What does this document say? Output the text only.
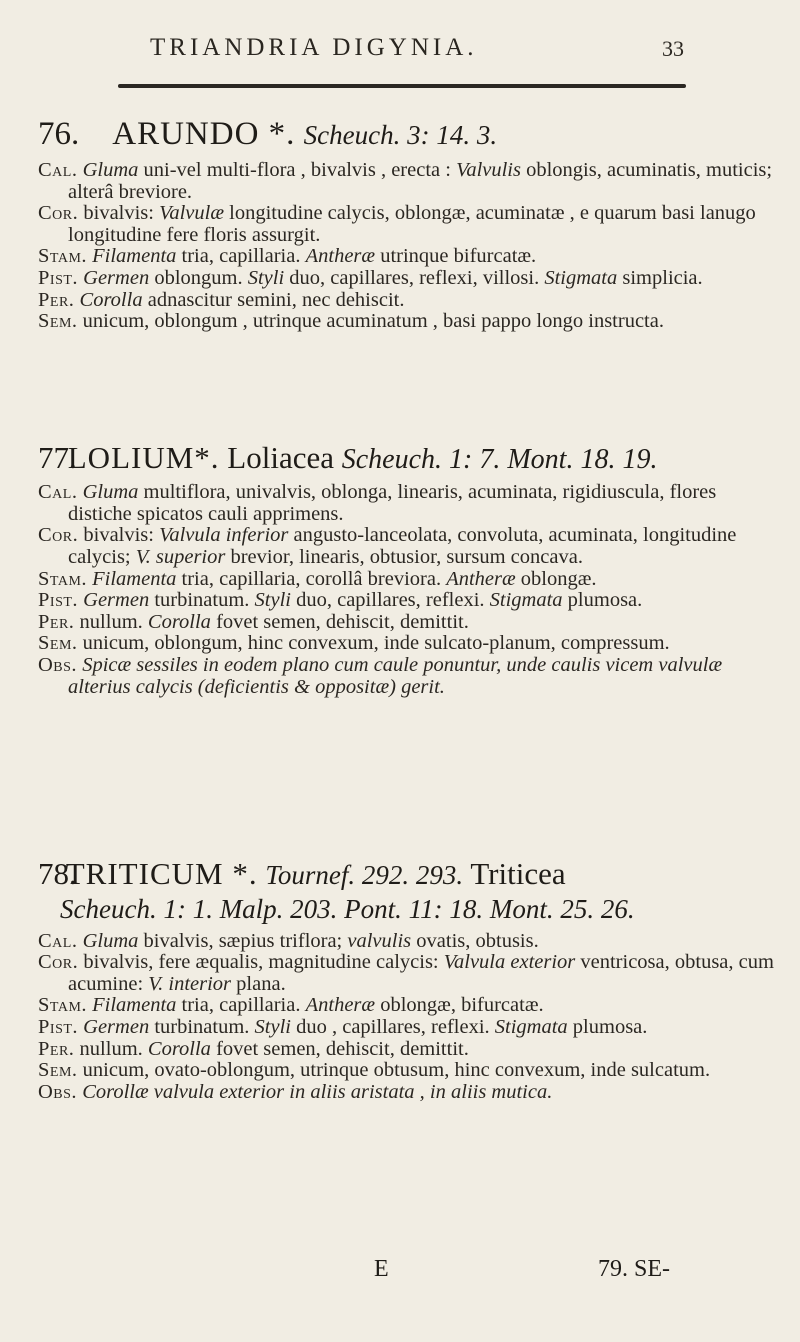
TRIANDRIA DIGYNIA.	33
76. ARUNDO *. Scheuch. 3: 14. 3.
Cal. Gluma uni-vel multi-flora , bivalvis , erecta : Valvulis oblongis, acuminatis, muticis; alterâ breviore.
Cor. bivalvis: Valvulæ longitudine calycis, oblongæ, acuminatæ , e quarum basi lanugo longitudine fere floris assurgit.
Stam. Filamenta tria, capillaria. Antheræ utrinque bifurcatæ.
Pist. Germen oblongum. Styli duo, capillares, reflexi, villosi. Stigmata simplicia.
Per. Corolla adnascitur semini, nec dehiscit.
Sem. unicum, oblongum , utrinque acuminatum , basi pappo longo instructa.
77. LOLIUM*. Loliacea Scheuch. 1: 7. Mont. 18. 19.
Cal. Gluma multiflora, univalvis, oblonga, linearis, acuminata, rigidiuscula, flores distiche spicatos cauli apprimens.
Cor. bivalvis: Valvula inferior angusto-lanceolata, convoluta, acuminata, longitudine calycis; V. superior brevior, linearis, obtusior, sursum concava.
Stam. Filamenta tria, capillaria, corollâ breviora. Antheræ oblongæ.
Pist. Germen turbinatum. Styli duo, capillares, reflexi. Stigmata plumosa.
Per. nullum. Corolla fovet semen, dehiscit, demittit.
Sem. unicum, oblongum, hinc convexum, inde sulcato-planum, compressum.
Obs. Spicæ sessiles in eodem plano cum caule ponuntur, unde caulis vicem valvulæ alterius calycis (deficientis & oppositæ) gerit.
78. TRITICUM *. Tournef. 292. 293. Triticea
Scheuch. 1: 1. Malp. 203. Pont. 11: 18. Mont. 25. 26.
Cal. Gluma bivalvis, sæpius triflora; valvulis ovatis, obtusis.
Cor. bivalvis, fere æqualis, magnitudine calycis: Valvula exterior ventricosa, obtusa, cum acumine: V. interior plana.
Stam. Filamenta tria, capillaria. Antheræ oblongæ, bifurcatæ.
Pist. Germen turbinatum. Styli duo , capillares, reflexi. Stigmata plumosa.
Per. nullum. Corolla fovet semen, dehiscit, demittit.
Sem. unicum, ovato-oblongum, utrinque obtusum, hinc convexum, inde sulcatum.
Obs. Corollæ valvula exterior in aliis aristata , in aliis mutica.
E	79. SE-
